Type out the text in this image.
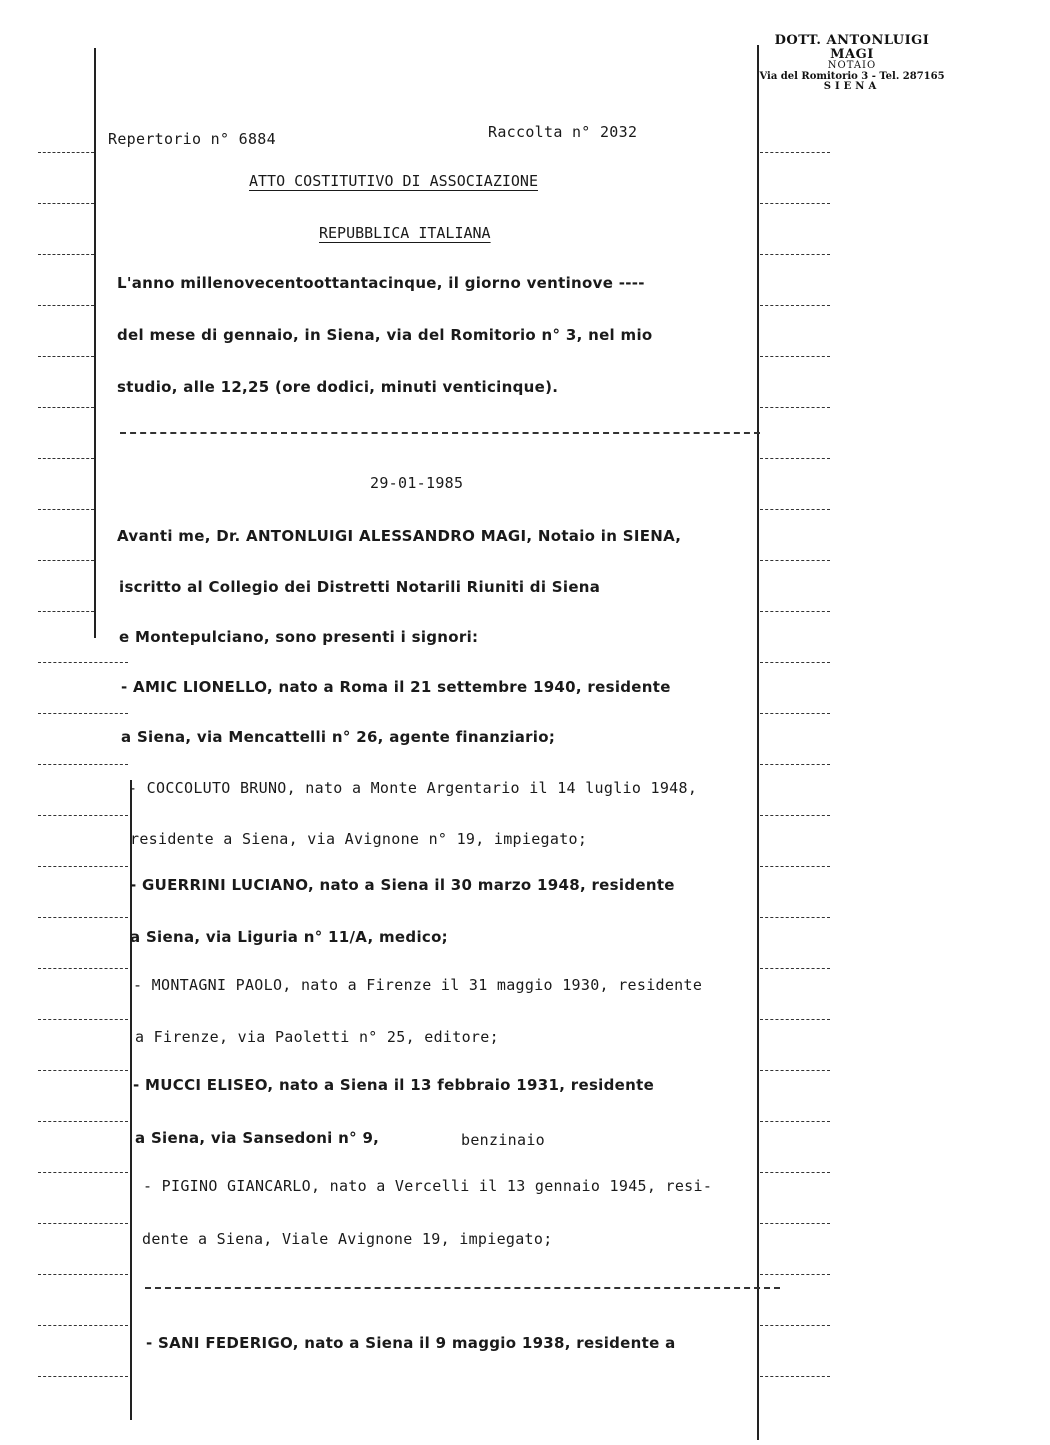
DOTT. ANTONLUIGI MAGI
NOTAIO
Via del Romitorio 3 - Tel. 287165
SIENA
Repertorio n° 6884	Raccolta n° 2032
ATTO COSTITUTIVO DI ASSOCIAZIONE
REPUBBLICA ITALIANA
L'anno millenovecentoottantacinque, il giorno ventinove ----
del mese di gennaio, in Siena, via del Romitorio n° 3, nel mio
studio, alle 12,25 (ore dodici, minuti venticinque).
29-01-1985
Avanti me, Dr. ANTONLUIGI ALESSANDRO MAGI, Notaio in SIENA,
iscritto al Collegio dei Distretti Notarili Riuniti di Siena
e Montepulciano, sono presenti i signori:
- AMIC LIONELLO, nato a Roma il 21 settembre 1940, residente
a Siena, via Mencattelli n° 26, agente finanziario;
- COCCOLUTO BRUNO, nato a Monte Argentario il 14 luglio 1948,
residente a Siena, via Avignone n° 19, impiegato;
- GUERRINI LUCIANO, nato a Siena il 30 marzo 1948, residente
a Siena, via Liguria n° 11/A, medico;
- MONTAGNI PAOLO, nato a Firenze il 31 maggio 1930, residente
a Firenze, via Paoletti n° 25, editore;
- MUCCI ELISEO, nato a Siena il 13 febbraio 1931, residente
a Siena, via Sansedoni n° 9,	benzinaio
- PIGINO GIANCARLO, nato a Vercelli il 13 gennaio 1945, resi-
dente a Siena, Viale Avignone 19, impiegato;
- SANI FEDERIGO, nato a Siena il 9 maggio 1938, residente a
